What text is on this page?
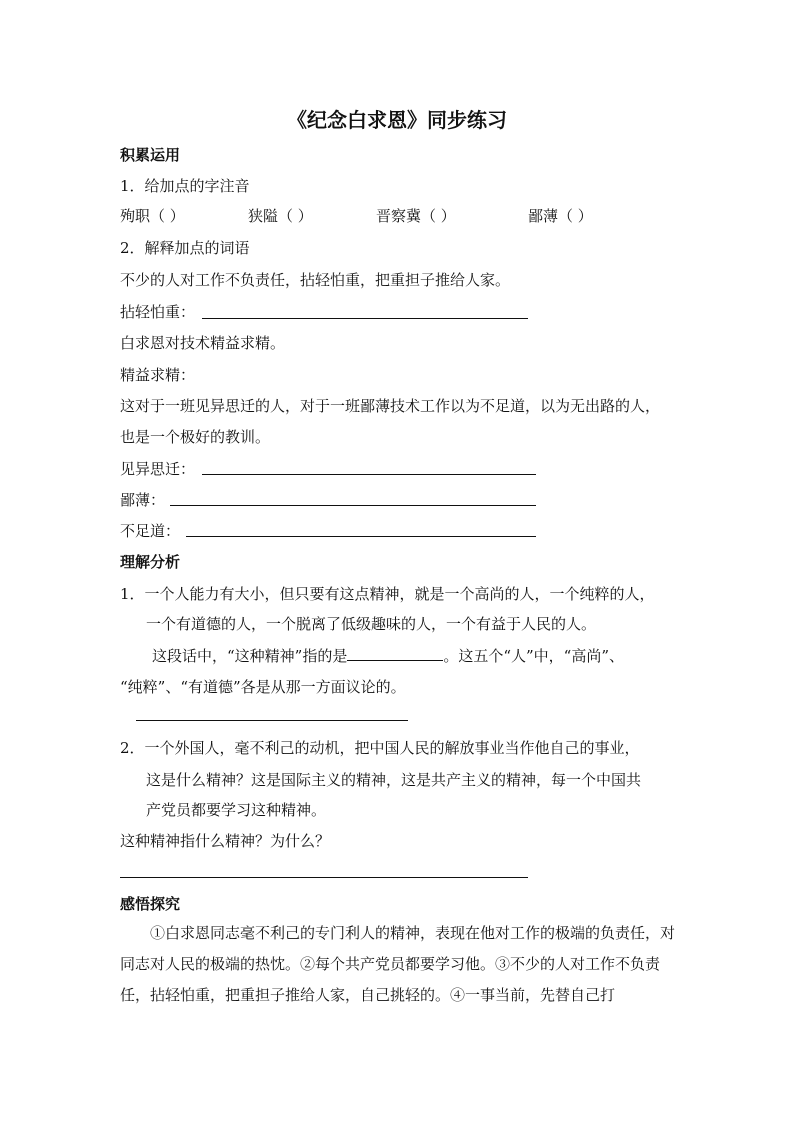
《纪念白求恩》同步练习
积累运用
1．给加点的字注音
殉职（ ）	狭隘（ ）	晋察冀（ ）	鄙薄（ ）
2．解释加点的词语
不少的人对工作不负责任，拈轻怕重，把重担子推给人家。
拈轻怕重：
白求恩对技术精益求精。
精益求精：
这对于一班见异思迁的人，对于一班鄙薄技术工作以为不足道，以为无出路的人，
也是一个极好的教训。
见异思迁：
鄙薄：
不足道：
理解分析
1．一个人能力有大小，但只要有这点精神，就是一个高尚的人，一个纯粹的人，
一个有道德的人，一个脱离了低级趣味的人，一个有益于人民的人。
这段话中，“这种精神”指的是	。这五个“人”中，“高尚”、
“纯粹”、“有道德”各是从那一方面议论的。
2．一个外国人，毫不利己的动机，把中国人民的解放事业当作他自己的事业，
这是什么精神？这是国际主义的精神，这是共产主义的精神，每一个中国共
产党员都要学习这种精神。
这种精神指什么精神？为什么？
感悟探究
①白求恩同志毫不利己的专门利人的精神，表现在他对工作的极端的负责任，对同志对人民的极端的热忱。②每个共产党员都要学习他。③不少的人对工作不负责任，拈轻怕重，把重担子推给人家，自己挑轻的。④一事当前，先替自己打
